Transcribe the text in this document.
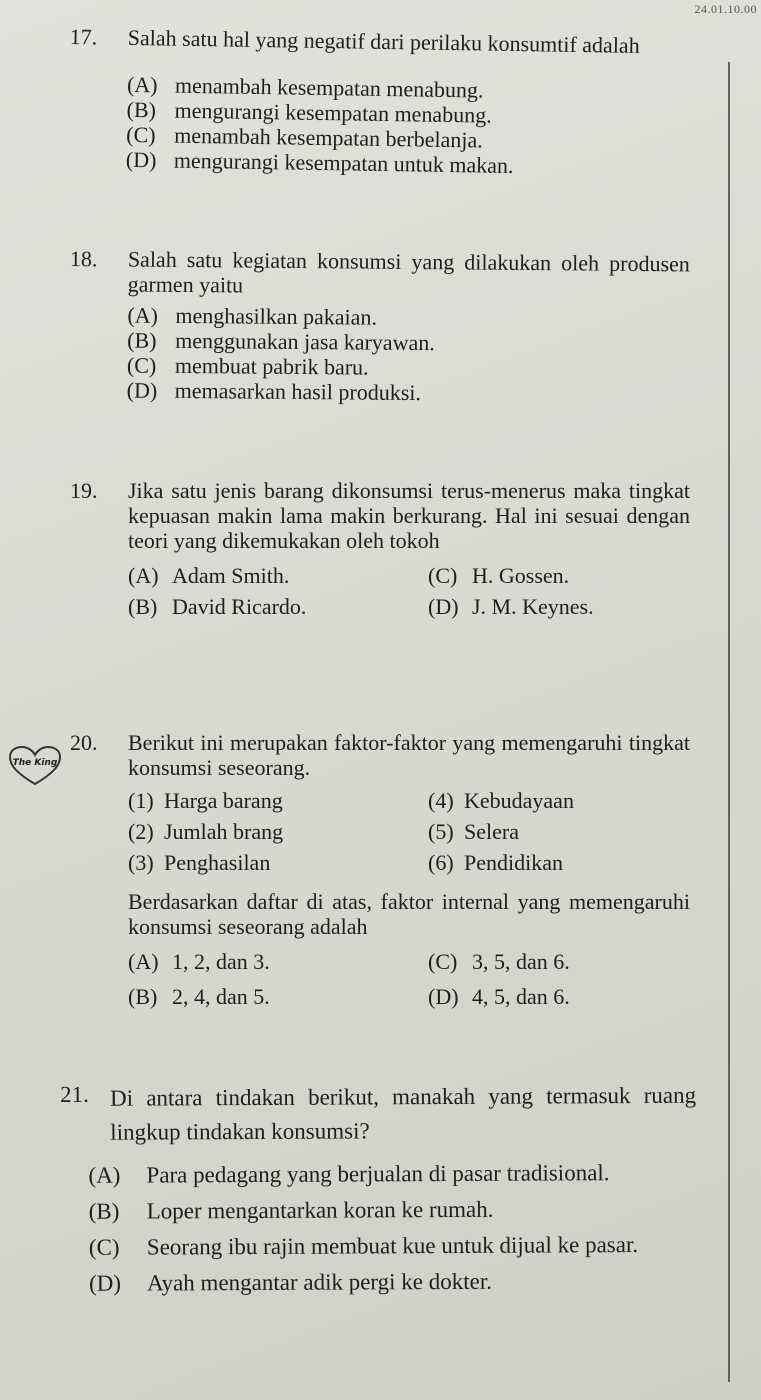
24.01.10.00
The King
17. Salah satu hal yang negatif dari perilaku konsumtif adalah
(A) menambah kesempatan menabung.
(B) mengurangi kesempatan menabung.
(C) menambah kesempatan berbelanja.
(D) mengurangi kesempatan untuk makan.
18. Salah satu kegiatan konsumsi yang dilakukan oleh produsen garmen yaitu
(A) menghasilkan pakaian.
(B) menggunakan jasa karyawan.
(C) membuat pabrik baru.
(D) memasarkan hasil produksi.
19. Jika satu jenis barang dikonsumsi terus-menerus maka tingkat kepuasan makin lama makin berkurang. Hal ini sesuai dengan teori yang dikemukakan oleh tokoh
(A) Adam Smith.	(C) H. Gossen.
(B) David Ricardo.	(D) J. M. Keynes.
20. Berikut ini merupakan faktor-faktor yang memengaruhi tingkat konsumsi seseorang.
(1) Harga barang	(4) Kebudayaan
(2) Jumlah brang	(5) Selera
(3) Penghasilan	(6) Pendidikan
Berdasarkan daftar di atas, faktor internal yang memengaruhi konsumsi seseorang adalah
(A) 1, 2, dan 3.	(C) 3, 5, dan 6.
(B) 2, 4, dan 5.	(D) 4, 5, dan 6.
21. Di antara tindakan berikut, manakah yang termasuk ruang lingkup tindakan konsumsi?
(A)	Para pedagang yang berjualan di pasar tradisional.
(B)	Loper mengantarkan koran ke rumah.
(C)	Seorang ibu rajin membuat kue untuk dijual ke pasar.
(D)	Ayah mengantar adik pergi ke dokter.
